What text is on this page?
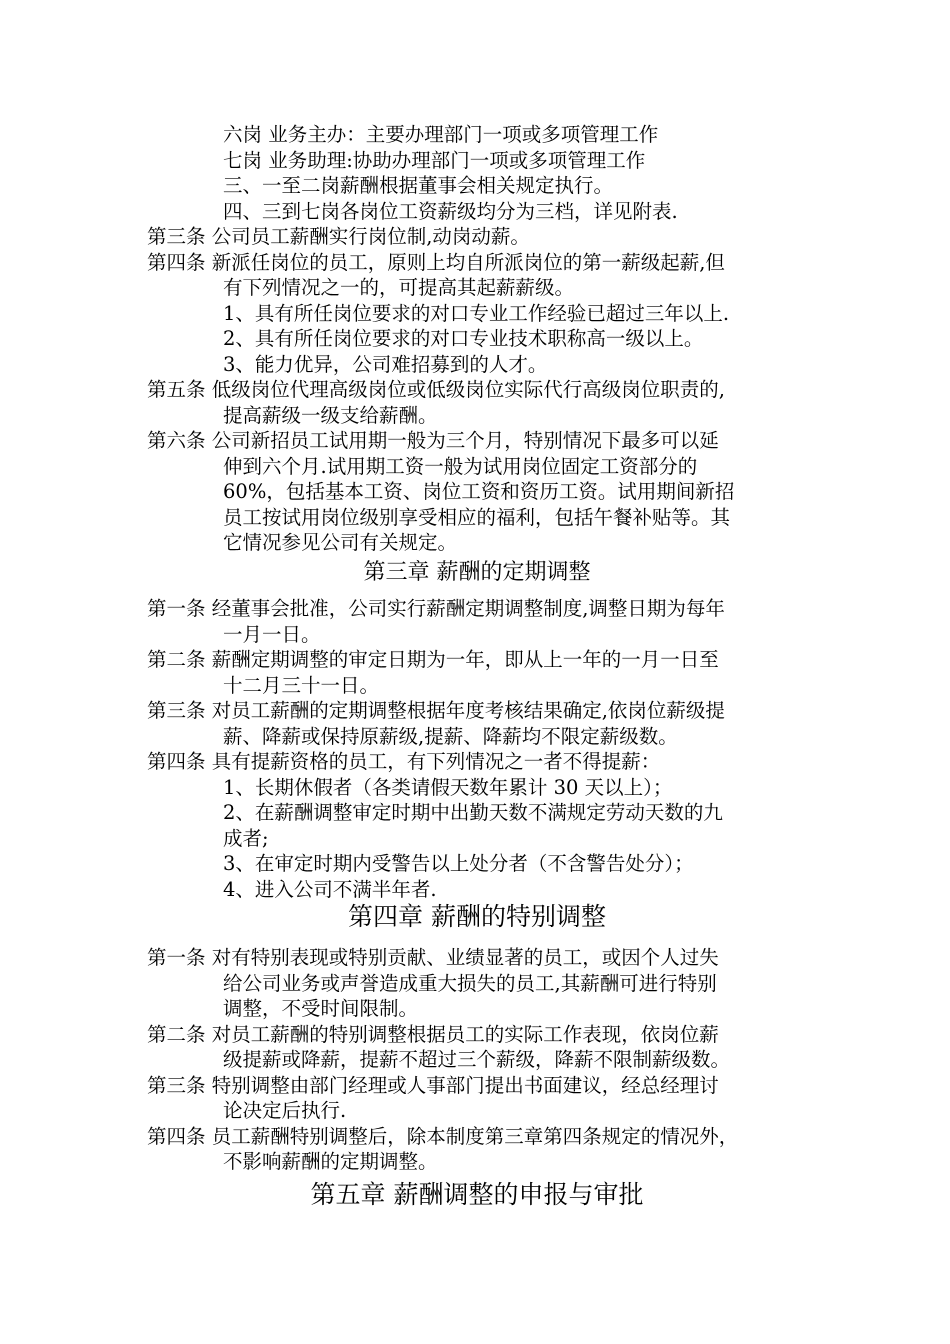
六岗 业务主办：主要办理部门一项或多项管理工作
七岗 业务助理:协助办理部门一项或多项管理工作
三、一至二岗薪酬根据董事会相关规定执行。
四、三到七岗各岗位工资薪级均分为三档，详见附表.
第三条 公司员工薪酬实行岗位制,动岗动薪。
第四条 新派任岗位的员工，原则上均自所派岗位的第一薪级起薪,但
有下列情况之一的，可提高其起薪薪级。
1、具有所任岗位要求的对口专业工作经验已超过三年以上.
2、具有所任岗位要求的对口专业技术职称高一级以上。
3、能力优异，公司难招募到的人才。
第五条 低级岗位代理高级岗位或低级岗位实际代行高级岗位职责的,
提高薪级一级支给薪酬。
第六条 公司新招员工试用期一般为三个月，特别情况下最多可以延
伸到六个月.试用期工资一般为试用岗位固定工资部分的
60%，包括基本工资、岗位工资和资历工资。试用期间新招
员工按试用岗位级别享受相应的福利，包括午餐补贴等。其
它情况参见公司有关规定。
第三章 薪酬的定期调整
第一条 经董事会批准，公司实行薪酬定期调整制度,调整日期为每年
一月一日。
第二条 薪酬定期调整的审定日期为一年，即从上一年的一月一日至
十二月三十一日。
第三条 对员工薪酬的定期调整根据年度考核结果确定,依岗位薪级提
薪、降薪或保持原薪级,提薪、降薪均不限定薪级数。
第四条 具有提薪资格的员工，有下列情况之一者不得提薪：
1、长期休假者（各类请假天数年累计 30 天以上）；
2、在薪酬调整审定时期中出勤天数不满规定劳动天数的九
成者;
3、在审定时期内受警告以上处分者（不含警告处分）；
4、进入公司不满半年者.
第四章 薪酬的特别调整
第一条 对有特别表现或特别贡献、业绩显著的员工，或因个人过失
给公司业务或声誉造成重大损失的员工,其薪酬可进行特别
调整，不受时间限制。
第二条 对员工薪酬的特别调整根据员工的实际工作表现，依岗位薪
级提薪或降薪，提薪不超过三个薪级，降薪不限制薪级数。
第三条 特别调整由部门经理或人事部门提出书面建议，经总经理讨
论决定后执行.
第四条 员工薪酬特别调整后，除本制度第三章第四条规定的情况外，
不影响薪酬的定期调整。
第五章 薪酬调整的申报与审批
